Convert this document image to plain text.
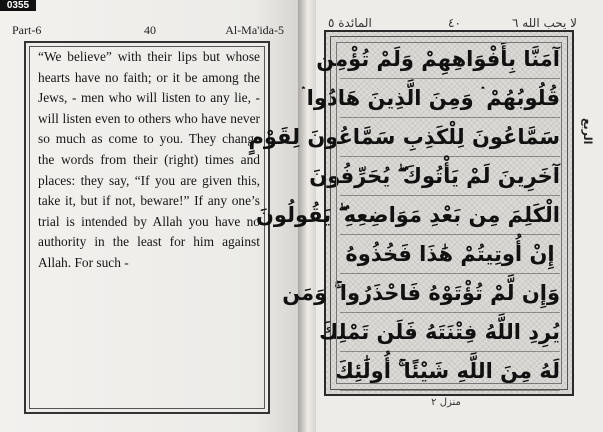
0355
Part-6	40	Al-Ma'ida-5

“We believe” with their lips but whose hearts have no faith; or it be among the Jews, - men who will listen to any lie, - will listen even to others who have never so much as come to you. They change the words from their (right) times and places: they say, “If you are given this, take it, but if not, beware!” If any one’s trial is intended by Allah you have no authority in the least for him against Allah. For such -

لا يحب الله ٦
٤٠
المائدة ٥
آمَنَّا بِأَفْوَاهِهِمْ وَلَمْ تُؤْمِن
قُلُوبُهُمْ ۛ وَمِنَ الَّذِينَ هَادُوا ۛ
سَمَّاعُونَ لِلْكَذِبِ سَمَّاعُونَ لِقَوْمٍ
آخَرِينَ لَمْ يَأْتُوكَ ۖ يُحَرِّفُونَ
الْكَلِمَ مِن بَعْدِ مَوَاضِعِهِ ۖ يَقُولُونَ
إِنْ أُوتِيتُمْ هَٰذَا فَخُذُوهُ
وَإِن لَّمْ تُؤْتَوْهُ فَاحْذَرُوا ۚ وَمَن
يُرِدِ اللَّهُ فِتْنَتَهُ فَلَن تَمْلِكَ
لَهُ مِنَ اللَّهِ شَيْئًا ۚ أُولَٰئِكَ
الربع
منزل ٢
